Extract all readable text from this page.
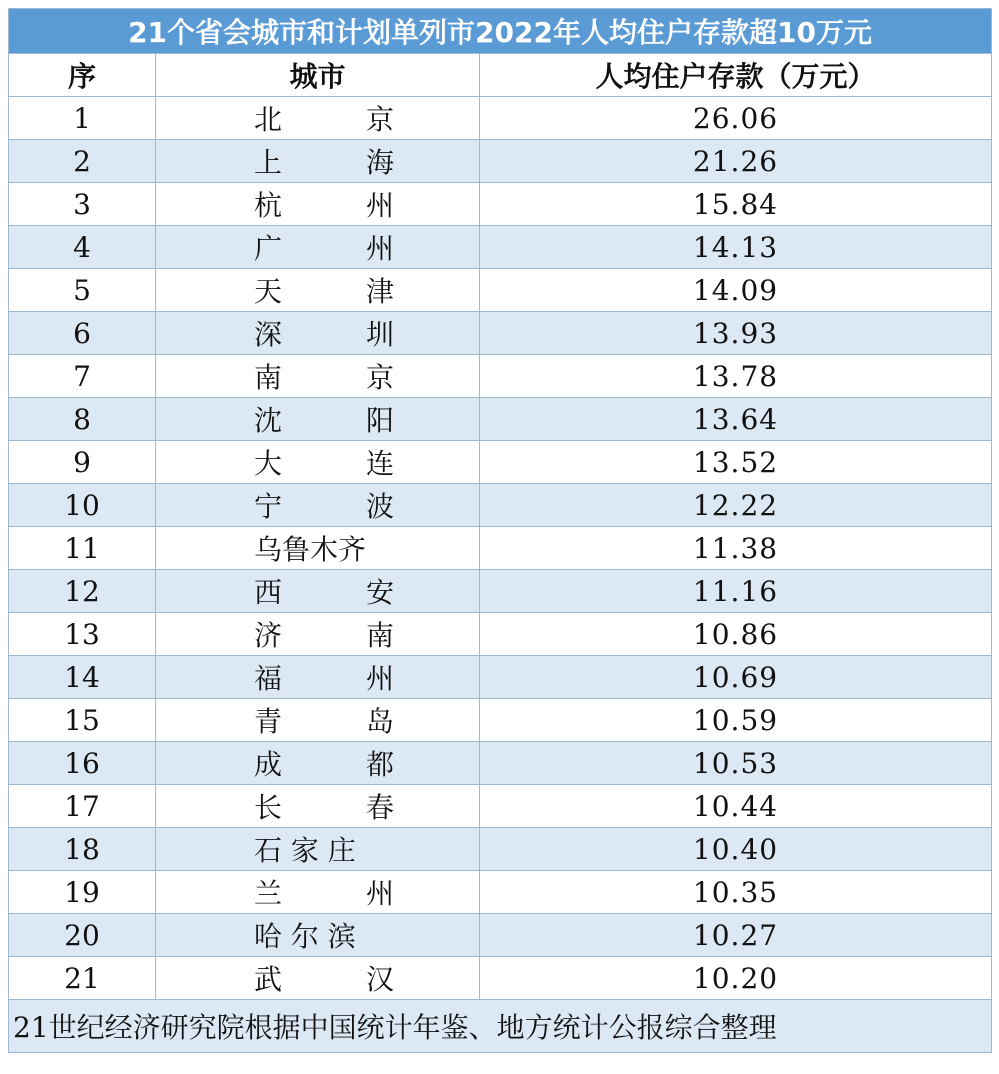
21个省会城市和计划单列市2022年人均住户存款超10万元		
序	城市	人均住户存款（万元）
1	北　　　京	26.06
2	上　　　海	21.26
3	杭　　　州	15.84
4	广　　　州	14.13
5	天　　　津	14.09
6	深　　　圳	13.93
7	南　　　京	13.78
8	沈　　　阳	13.64
9	大　　　连	13.52
10	宁　　　波	12.22
11	乌鲁木齐	11.38
12	西　　　安	11.16
13	济　　　南	10.86
14	福　　　州	10.69
15	青　　　岛	10.59
16	成　　　都	10.53
17	长　　　春	10.44
18	石 家 庄	10.40
19	兰　　　州	10.35
20	哈 尔 滨	10.27
21	武　　　汉	10.20
21世纪经济研究院根据中国统计年鉴、地方统计公报综合整理		
